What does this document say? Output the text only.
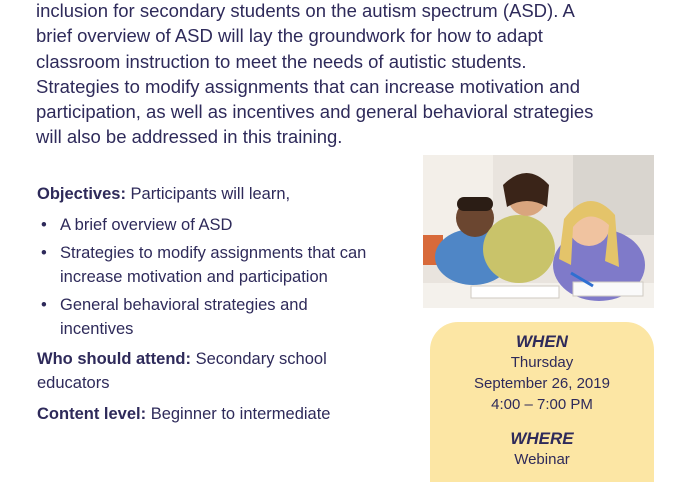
inclusion for secondary students on the autism spectrum (ASD). A

brief overview of ASD will lay the groundwork for how to adapt

classroom instruction to meet the needs of autistic students.

Strategies to modify assignments that can increase motivation and

participation, as well as incentives and general behavioral strategies

will also be addressed in this training.

Objectives: Participants will learn,
• A brief overview of ASD
• Strategies to modify assignments that can increase motivation and participation
• General behavioral strategies and incentives
Who should attend: Secondary school educators
Content level: Beginner to intermediate
WHEN
Thursday
September 26, 2019
4:00 – 7:00 PM
WHERE
Webinar
